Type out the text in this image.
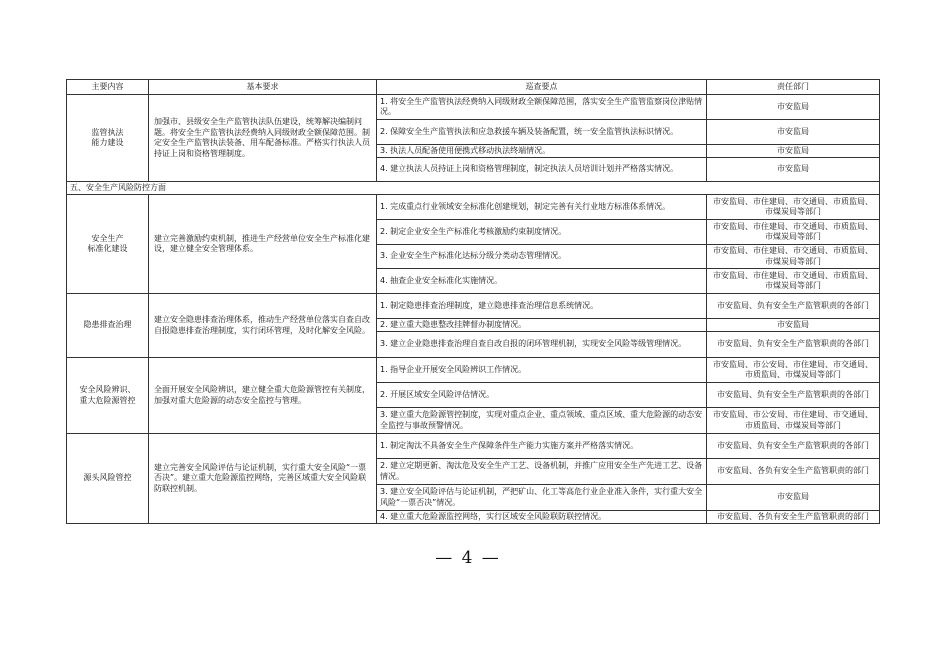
主要内容	基本要求	巡查要点	责任部门
监管执法
能力建设	加强市、县级安全生产监管执法队伍建设，统筹解决编制问题。将安全生产监管执法经费纳入同级财政全额保障范围。制定安全生产监管执法装备、用车配备标准。严格实行执法人员持证上岗和资格管理制度。	1. 将安全生产监管执法经费纳入同级财政全额保障范围，落实安全生产监管监察岗位津贴情况。	市安监局
		2. 保障安全生产监管执法和应急救援车辆及装备配置，统一安全监管执法标识情况。	市安监局
		3. 执法人员配备使用便携式移动执法终端情况。	市安监局
		4. 建立执法人员持证上岗和资格管理制度，制定执法人员培训计划并严格落实情况。	市安监局
五、安全生产风险防控方面			
安全生产
标准化建设	建立完善激励约束机制，推进生产经营单位安全生产标准化建设，建立健全安全管理体系。	1. 完成重点行业领域安全标准化创建规划，制定完善有关行业地方标准体系情况。	市安监局、市住建局、市交通局、市质监局、市煤炭局等部门
		2. 制定企业安全生产标准化考核激励约束制度情况。	市安监局、市住建局、市交通局、市质监局、市煤炭局等部门
		3. 企业安全生产标准化达标分级分类动态管理情况。	市安监局、市住建局、市交通局、市质监局、市煤炭局等部门
		4. 抽查企业安全标准化实施情况。	市安监局、市住建局、市交通局、市质监局、市煤炭局等部门
隐患排查治理	建立安全隐患排查治理体系，推动生产经营单位落实自查自改自报隐患排查治理制度，实行闭环管理，及时化解安全风险。	1. 制定隐患排查治理制度，建立隐患排查治理信息系统情况。	市安监局、负有安全生产监管职责的各部门
		2. 建立重大隐患整改挂牌督办制度情况。	市安监局
		3. 建立企业隐患排查治理自查自改自报的闭环管理机制，实现安全风险等级管理情况。	市安监局、负有安全生产监管职责的各部门
安全风险辨识、
重大危险源管控	全面开展安全风险辨识，建立健全重大危险源管控有关制度，加强对重大危险源的动态安全监控与管理。	1. 指导企业开展安全风险辨识工作情况。	市安监局、市公安局、市住建局、市交通局、市质监局、市煤炭局等部门
		2. 开展区域安全风险评估情况。	市安监局、负有安全生产监管职责的各部门
		3. 建立重大危险源管控制度，实现对重点企业、重点领域、重点区域、重大危险源的动态安全监控与事故预警情况。	市安监局、市公安局、市住建局、市交通局、市质监局、市煤炭局等部门
源头风险管控	建立完善安全风险评估与论证机制，实行重大安全风险“一票否决”。建立重大危险源监控网络，完善区域重大安全风险联防联控机制。	1. 制定淘汰不具备安全生产保障条件生产能力实施方案并严格落实情况。	市安监局、负有安全生产监管职责的各部门
		2. 建立定期更新、淘汰危及安全生产工艺、设备机制，并推广应用安全生产先进工艺、设备情况。	市安监局、各负有安全生产监管职责的部门
		3. 建立安全风险评估与论证机制，严把矿山、化工等高危行业企业准入条件，实行重大安全风险“一票否决”情况。	市安监局
		4. 建立重大危险源监控网络，实行区域安全风险联防联控情况。	市安监局、各负有安全生产监管职责的部门
— 4 —
